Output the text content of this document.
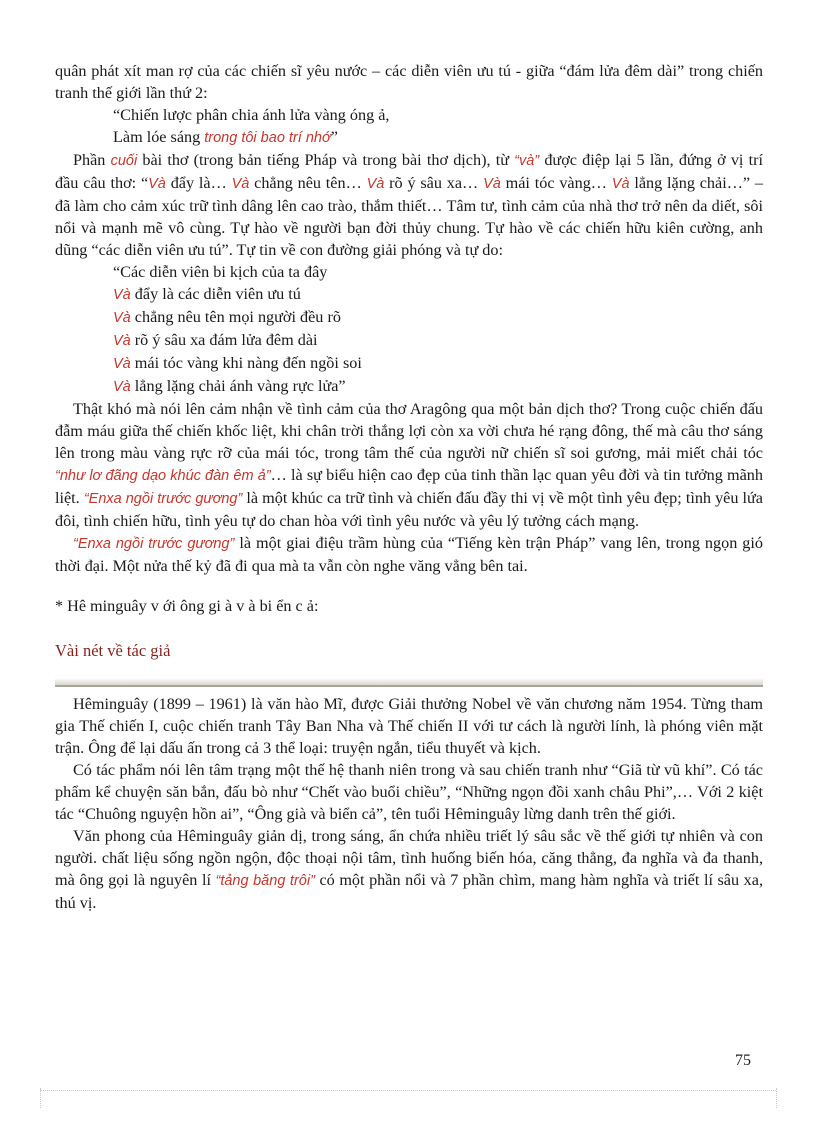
quân phát xít man rợ của các chiến sĩ yêu nước – các diễn viên ưu tú - giữa “đám lửa đêm dài” trong chiến tranh thế giới lần thứ 2:

“Chiến lược phân chia ánh lửa vàng óng ả,
Làm lóe sáng trong tôi bao trí nhớ”

Phần cuối bài thơ (trong bản tiếng Pháp và trong bài thơ dịch), từ “và” được điệp lại 5 lần, đứng ở vị trí đầu câu thơ: “Và đẩy là… Và chẳng nêu tên… Và rõ ý sâu xa… Và mái tóc vàng… Và lẳng lặng chải…” – đã làm cho cảm xúc trữ tình dâng lên cao trào, thắm thiết… Tâm tư, tình cảm của nhà thơ trở nên da diết, sôi nổi và mạnh mẽ vô cùng. Tự hào về người bạn đời thủy chung. Tự hào về các chiến hữu kiên cường, anh dũng “các diễn viên ưu tú”. Tự tin về con đường giải phóng và tự do:

“Các diễn viên bi kịch của ta đây
Và đẩy là các diễn viên ưu tú
Và chẳng nêu tên mọi người đều rõ
Và rõ ý sâu xa đám lửa đêm dài
Và mái tóc vàng khi nàng đến ngồi soi
Và lẳng lặng chải ánh vàng rực lửa”

Thật khó mà nói lên cảm nhận về tình cảm của thơ Aragông qua một bản dịch thơ? Trong cuộc chiến đấu đẫm máu giữa thế chiến khốc liệt, khi chân trời thắng lợi còn xa vời chưa hé rạng đông, thế mà câu thơ sáng lên trong màu vàng rực rỡ của mái tóc, trong tâm thế của người nữ chiến sĩ soi gương, mải miết chải tóc “như lơ đãng dạo khúc đàn êm ả”… là sự biểu hiện cao đẹp của tinh thần lạc quan yêu đời và tin tưởng mãnh liệt. “Enxa ngồi trước gương” là một khúc ca trữ tình và chiến đấu đầy thi vị về một tình yêu đẹp; tình yêu lứa đôi, tình chiến hữu, tình yêu tự do chan hòa với tình yêu nước và yêu lý tưởng cách mạng.

“Enxa ngồi trước gương” là một giai điệu trầm hùng của “Tiếng kèn trận Pháp” vang lên, trong ngọn gió thời đại. Một nửa thế kỷ đã đi qua mà ta vẫn còn nghe văng vẳng bên tai.

* Hê minguây v ới ông gi à v à bi ển c ả:
Vài nét về tác giả

Hêminguây (1899 – 1961) là văn hào Mĩ, được Giải thưởng Nobel về văn chương năm 1954. Từng tham gia Thế chiến I, cuộc chiến tranh Tây Ban Nha và Thế chiến II với tư cách là người lính, là phóng viên mặt trận. Ông để lại dấu ấn trong cả 3 thể loại: truyện ngắn, tiểu thuyết và kịch.

Có tác phẩm nói lên tâm trạng một thế hệ thanh niên trong và sau chiến tranh như “Giã từ vũ khí”. Có tác phẩm kể chuyện săn bắn, đấu bò như “Chết vào buổi chiều”, “Những ngọn đồi xanh châu Phi”,… Với 2 kiệt tác “Chuông nguyện hồn ai”, “Ông già và biển cả”, tên tuổi Hêminguây lừng danh trên thế giới.

Văn phong của Hêminguây giản dị, trong sáng, ẩn chứa nhiều triết lý sâu sắc về thế giới tự nhiên và con người. chất liệu sống ngồn ngộn, độc thoại nội tâm, tình huống biến hóa, căng thẳng, đa nghĩa và đa thanh, mà ông gọi là nguyên lí “tảng băng trôi” có một phần nổi và 7 phần chìm, mang hàm nghĩa và triết lí sâu xa, thú vị.

75
